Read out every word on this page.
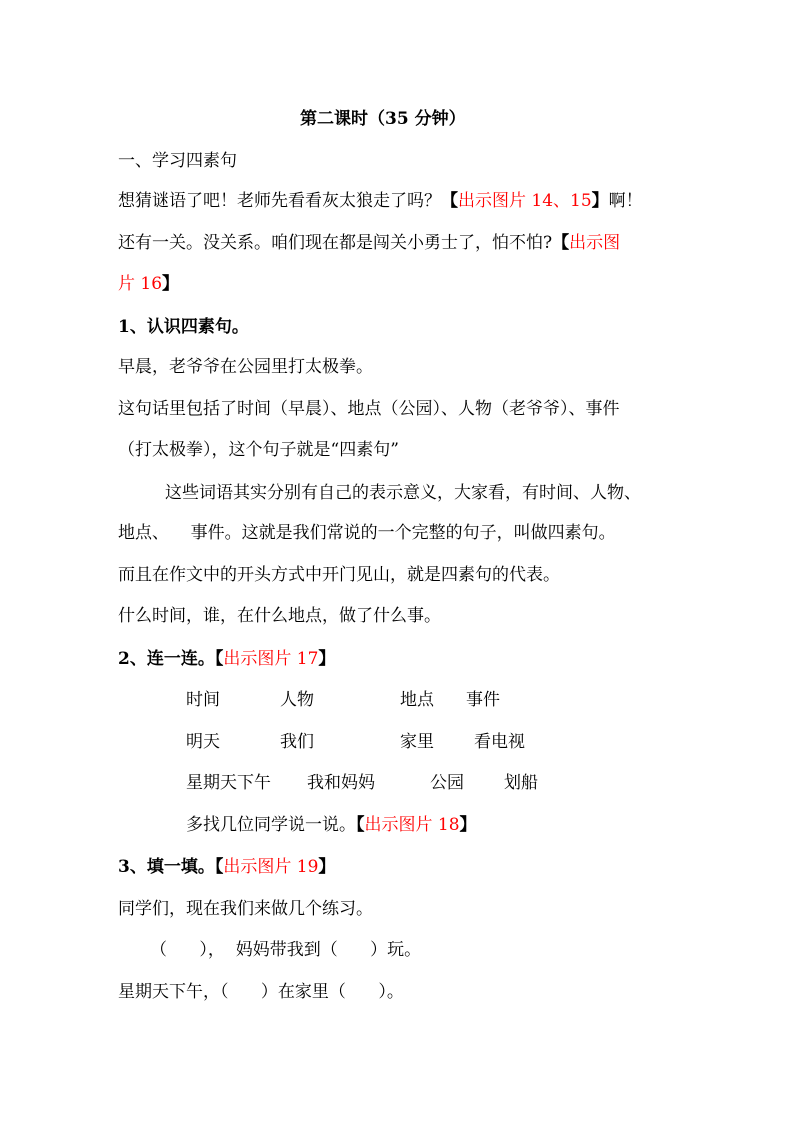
第二课时（35 分钟）
一、学习四素句
想猜谜语了吧！老师先看看灰太狼走了吗？【出示图片 14、15】啊！
还有一关。没关系。咱们现在都是闯关小勇士了，怕不怕?【出示图
片 16】
1、认识四素句。
早晨，老爷爷在公园里打太极拳。
这句话里包括了时间（早晨）、地点（公园）、人物（老爷爷）、事件
（打太极拳），这个句子就是“四素句”
这些词语其实分别有自己的表示意义，大家看，有时间、人物、
地点、    事件。这就是我们常说的一个完整的句子，叫做四素句。
而且在作文中的开头方式中开门见山，就是四素句的代表。
什么时间，谁，在什么地点，做了什么事。
2、连一连。【出示图片 17】
时间	人物	地点 事件
明天	我们	家里 看电视
星期天下午 我和妈妈	公园 划船
多找几位同学说一说。【出示图片 18】
3、填一填。【出示图片 19】
同学们，现在我们来做几个练习。
（      ），  妈妈带我到（      ）玩。
星期天下午，（      ）在家里（      ）。
